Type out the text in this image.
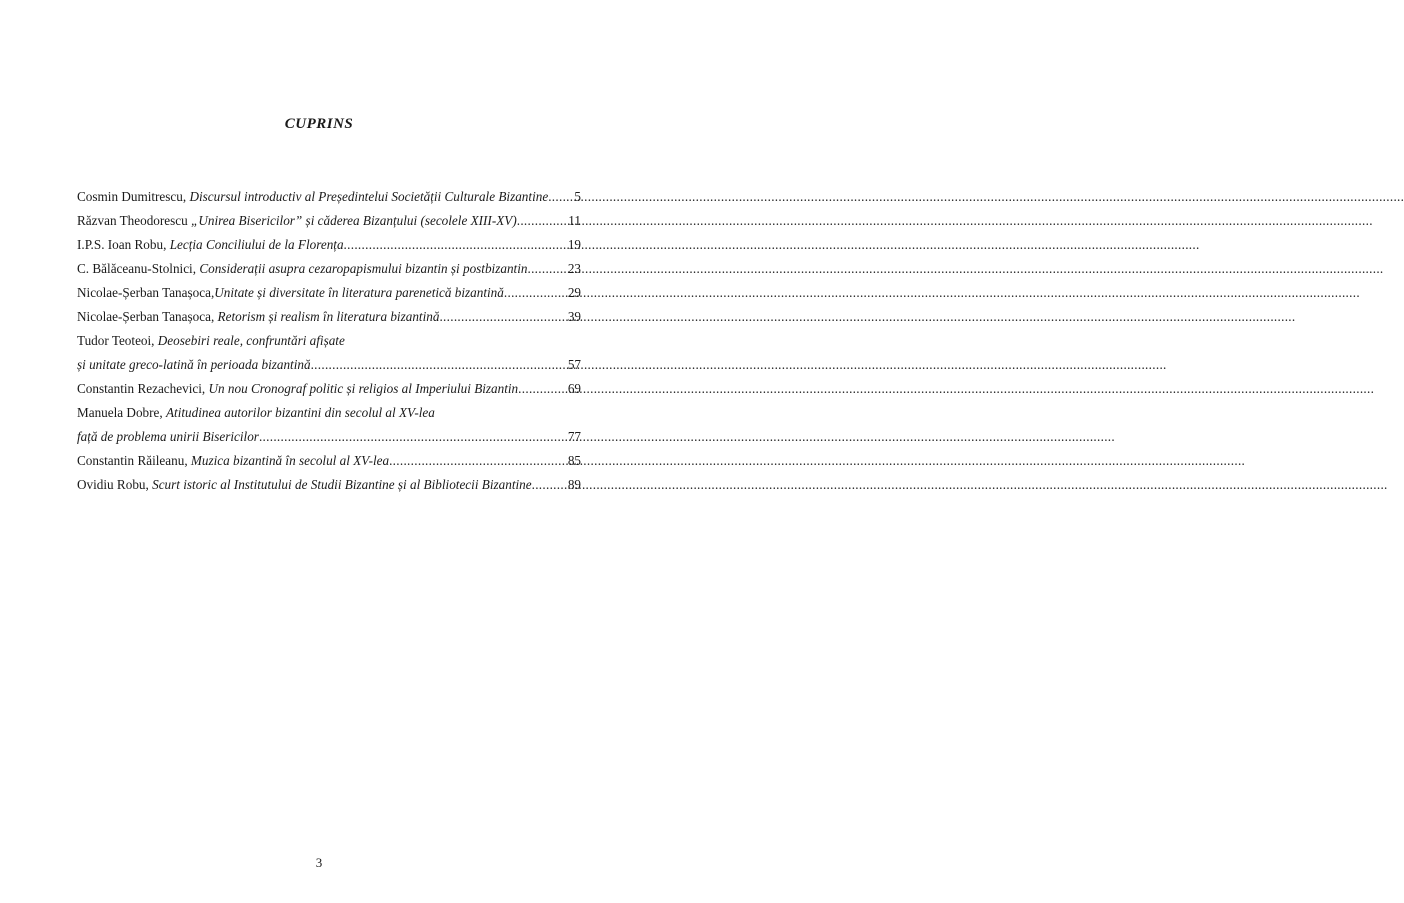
CUPRINS
Cosmin Dumitrescu, Discursul introductiv al Președintelui Societății Culturale Bizantine ..... 5
Răzvan Theodorescu „Unirea Bisericilor” și căderea Bizanțului (secolele XIII-XV) .....	11
I.P.S. Ioan Robu, Lecția Conciliului de la Florența .....	19
C. Bălăceanu-Stolnici, Considerații asupra cezaropapismului bizantin și postbizantin .....	23
Nicolae-Șerban Tanașoca,Unitate și diversitate în literatura parenetică bizantină .....	29
Nicolae-Șerban Tanașoca, Retorism și realism în literatura bizantină .....	39
Tudor Teoteoi, Deosebiri reale, confruntări afișate
și unitate greco-latină în perioada bizantină .....	57
Constantin Rezachevici, Un nou Cronograf politic și religios al Imperiului Bizantin .....	69
Manuela Dobre, Atitudinea autorilor bizantini din secolul al XV-lea
față de problema unirii Bisericilor .....	77
Constantin Răileanu, Muzica bizantină în secolul al XV-lea .....	85
Ovidiu Robu, Scurt istoric al Institutului de Studii Bizantine și al Bibliotecii Bizantine .....	89
3
